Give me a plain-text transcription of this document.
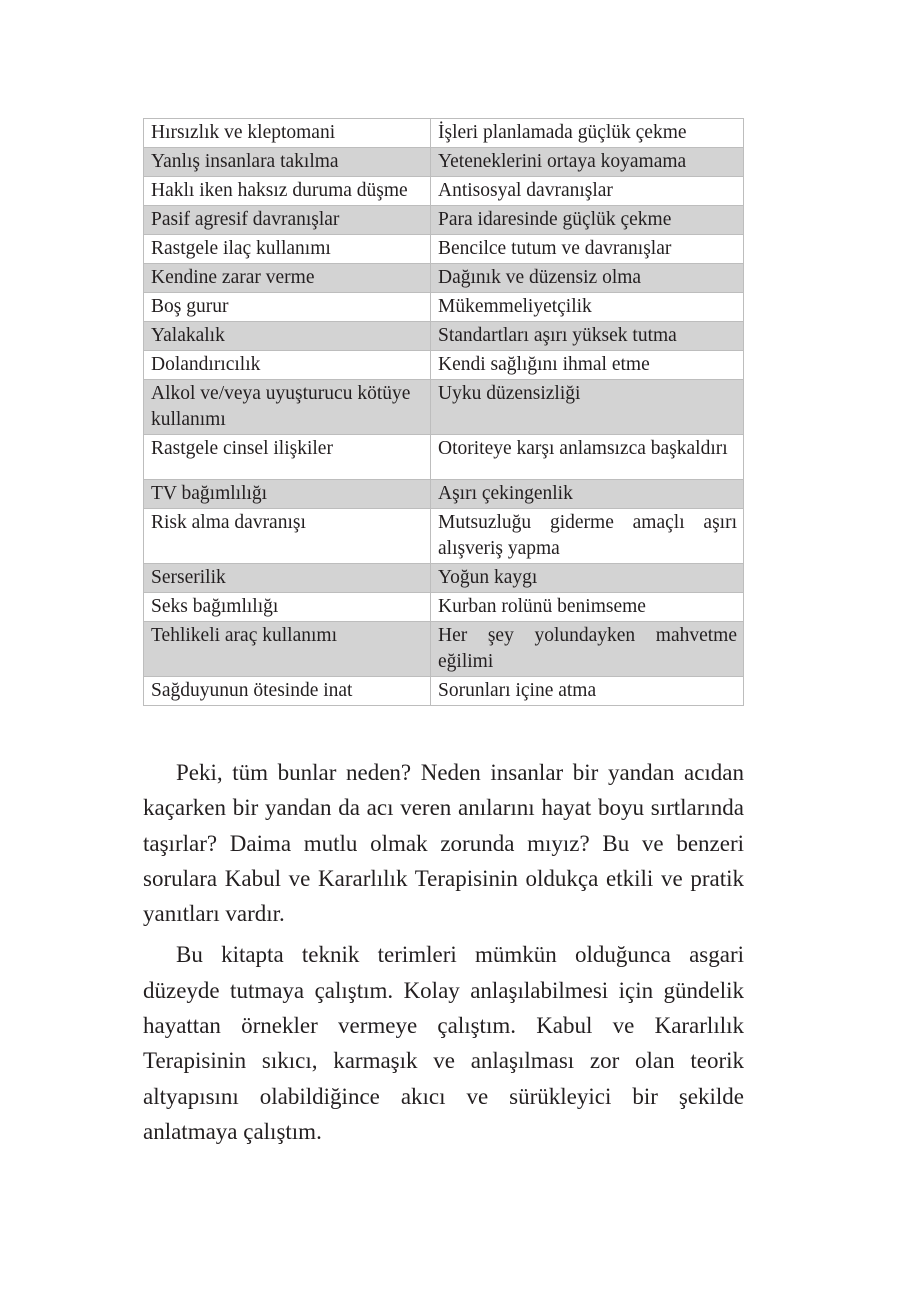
Hırsızlık ve kleptomani	İşleri planlamada güçlük çekme
Yanlış insanlara takılma	Yeteneklerini ortaya koyamama
Haklı iken haksız duruma düşme	Antisosyal davranışlar
Pasif agresif davranışlar	Para idaresinde güçlük çekme
Rastgele ilaç kullanımı	Bencilce tutum ve davranışlar
Kendine zarar verme	Dağınık ve düzensiz olma
Boş gurur	Mükemmeliyetçilik
Yalakalık	Standartları aşırı yüksek tutma
Dolandırıcılık	Kendi sağlığını ihmal etme
Alkol ve/veya uyuşturucu kötüye kullanımı	Uyku düzensizliği
Rastgele cinsel ilişkiler	Otoriteye karşı anlamsızca başkaldırı
TV bağımlılığı	Aşırı çekingenlik
Risk alma davranışı	Mutsuzluğu giderme amaçlı aşırı alışveriş yapma
Serserilik	Yoğun kaygı
Seks bağımlılığı	Kurban rolünü benimseme
Tehlikeli araç kullanımı	Her şey yolundayken mahvetme eğilimi
Sağduyunun ötesinde inat	Sorunları içine atma

Peki, tüm bunlar neden? Neden insanlar bir yandan acıdan kaçarken bir yandan da acı veren anılarını hayat boyu sırtlarında taşırlar? Daima mutlu olmak zorunda mıyız? Bu ve benzeri sorulara Kabul ve Kararlılık Terapisinin oldukça etkili ve pratik yanıtları vardır.

Bu kitapta teknik terimleri mümkün olduğunca asgari düzeyde tutmaya çalıştım. Kolay anlaşılabilmesi için gündelik hayattan örnekler vermeye çalıştım. Kabul ve Kararlılık Terapisinin sıkıcı, karmaşık ve anlaşılması zor olan teorik altyapısını olabildiğince akıcı ve sürükleyici bir şekilde anlatmaya çalıştım.
